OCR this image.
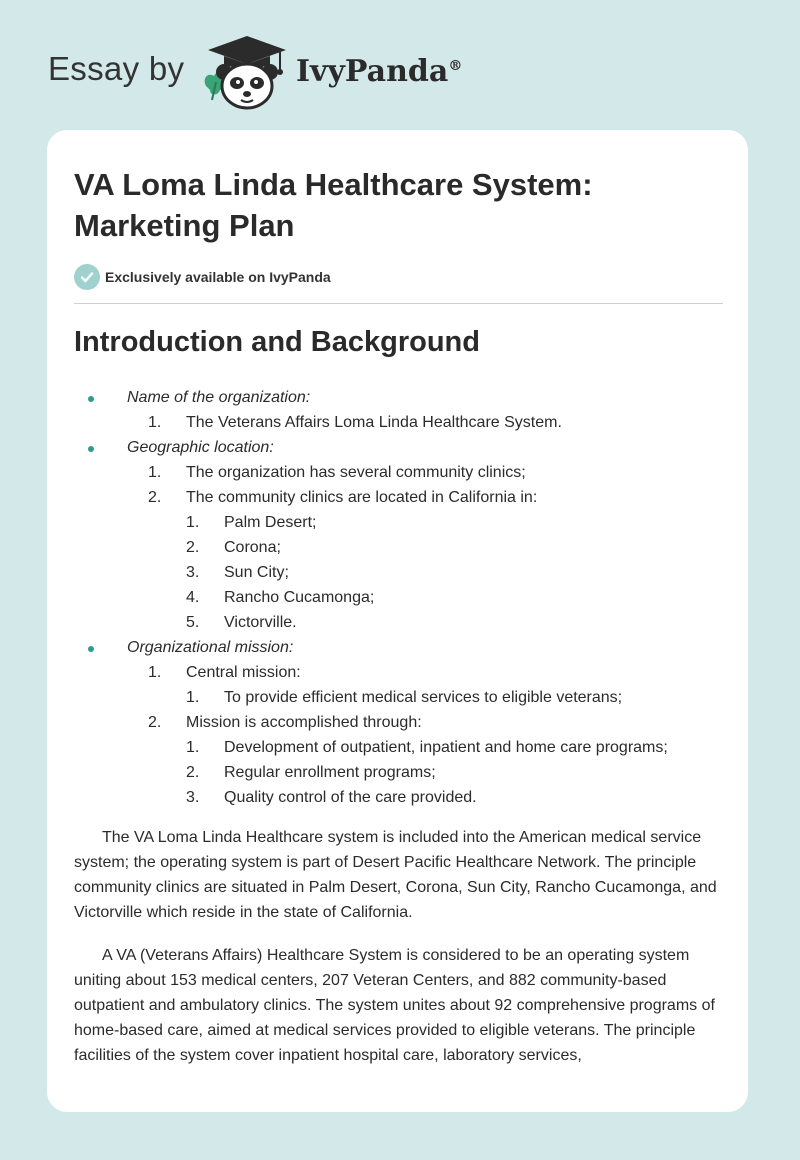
Essay by	IvyPanda®
VA Loma Linda Healthcare System: Marketing Plan
Exclusively available on IvyPanda
Introduction and Background
Name of the organization:
1. The Veterans Affairs Loma Linda Healthcare System.
Geographic location:
1. The organization has several community clinics;
2. The community clinics are located in California in:
1. Palm Desert;
2. Corona;
3. Sun City;
4. Rancho Cucamonga;
5. Victorville.
Organizational mission:
1. Central mission:
1. To provide efficient medical services to eligible veterans;
2. Mission is accomplished through:
1. Development of outpatient, inpatient and home care programs;
2. Regular enrollment programs;
3. Quality control of the care provided.

The VA Loma Linda Healthcare system is included into the American medical service system; the operating system is part of Desert Pacific Healthcare Network. The principle community clinics are situated in Palm Desert, Corona, Sun City, Rancho Cucamonga, and Victorville which reside in the state of California.

A VA (Veterans Affairs) Healthcare System is considered to be an operating system uniting about 153 medical centers, 207 Veteran Centers, and 882 community-based outpatient and ambulatory clinics. The system unites about 92 comprehensive programs of home-based care, aimed at medical services provided to eligible veterans. The principle facilities of the system cover inpatient hospital care, laboratory services,
